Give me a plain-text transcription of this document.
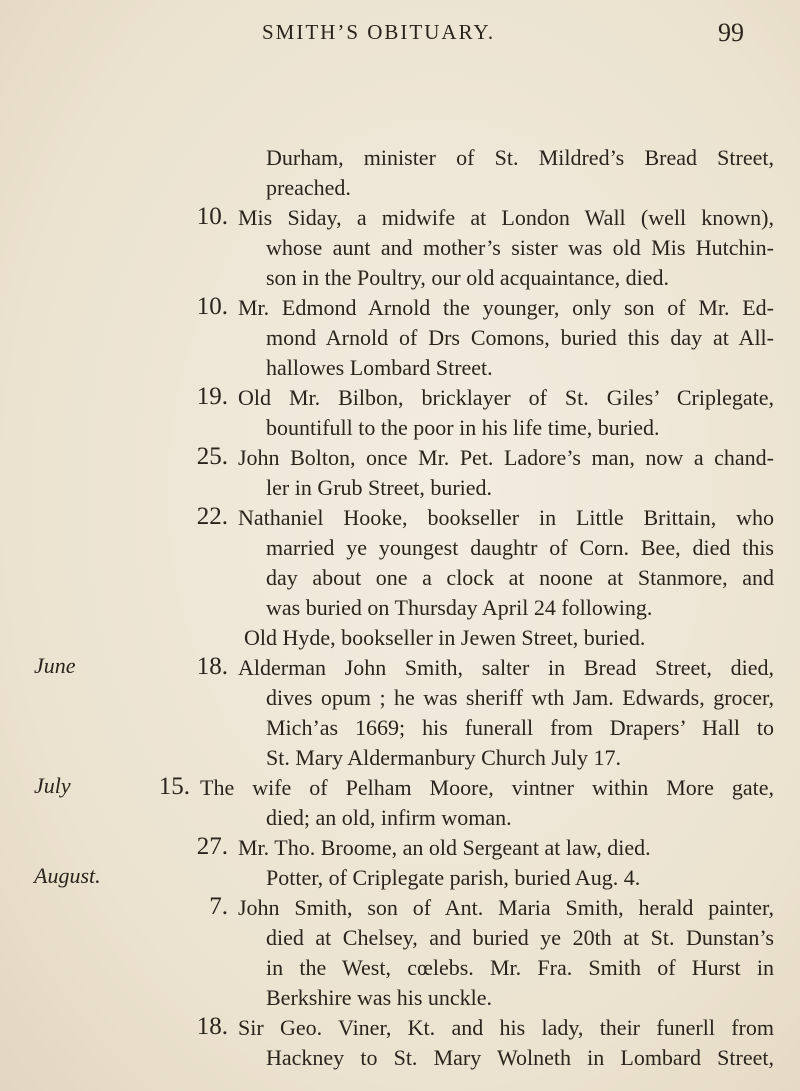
SMITH’S OBITUARY.	99
Durham, minister of St. Mildred’s Bread Street,
preached.
10. Mis Siday, a midwife at London Wall (well known),
whose aunt and mother’s sister was old Mis Hutchin-
son in the Poultry, our old acquaintance, died.
10. Mr. Edmond Arnold the younger, only son of Mr. Ed-
mond Arnold of Drs Comons, buried this day at All-
hallowes Lombard Street.
19. Old Mr. Bilbon, bricklayer of St. Giles’ Criplegate,
bountifull to the poor in his life time, buried.
25. John Bolton, once Mr. Pet. Ladore’s man, now a chand-
ler in Grub Street, buried.
22. Nathaniel Hooke, bookseller in Little Brittain, who
married ye youngest daughtr of Corn. Bee, died this
day about one a clock at noone at Stanmore, and
was buried on Thursday April 24 following.
Old Hyde, bookseller in Jewen Street, buried.
June	18. Alderman John Smith, salter in Bread Street, died,
dives opum ; he was sheriff wth Jam. Edwards, grocer,
Mich’as 1669; his funerall from Drapers’ Hall to
St. Mary Aldermanbury Church July 17.
July	15. The wife of Pelham Moore, vintner within More gate,
died; an old, infirm woman.
27. Mr. Tho. Broome, an old Sergeant at law, died.
August.	Potter, of Criplegate parish, buried Aug. 4.
7. John Smith, son of Ant. Maria Smith, herald painter,
died at Chelsey, and buried ye 20th at St. Dunstan’s
in the West, cœlebs. Mr. Fra. Smith of Hurst in
Berkshire was his unckle.
18. Sir Geo. Viner, Kt. and his lady, their funerll from
Hackney to St. Mary Wolneth in Lombard Street,
